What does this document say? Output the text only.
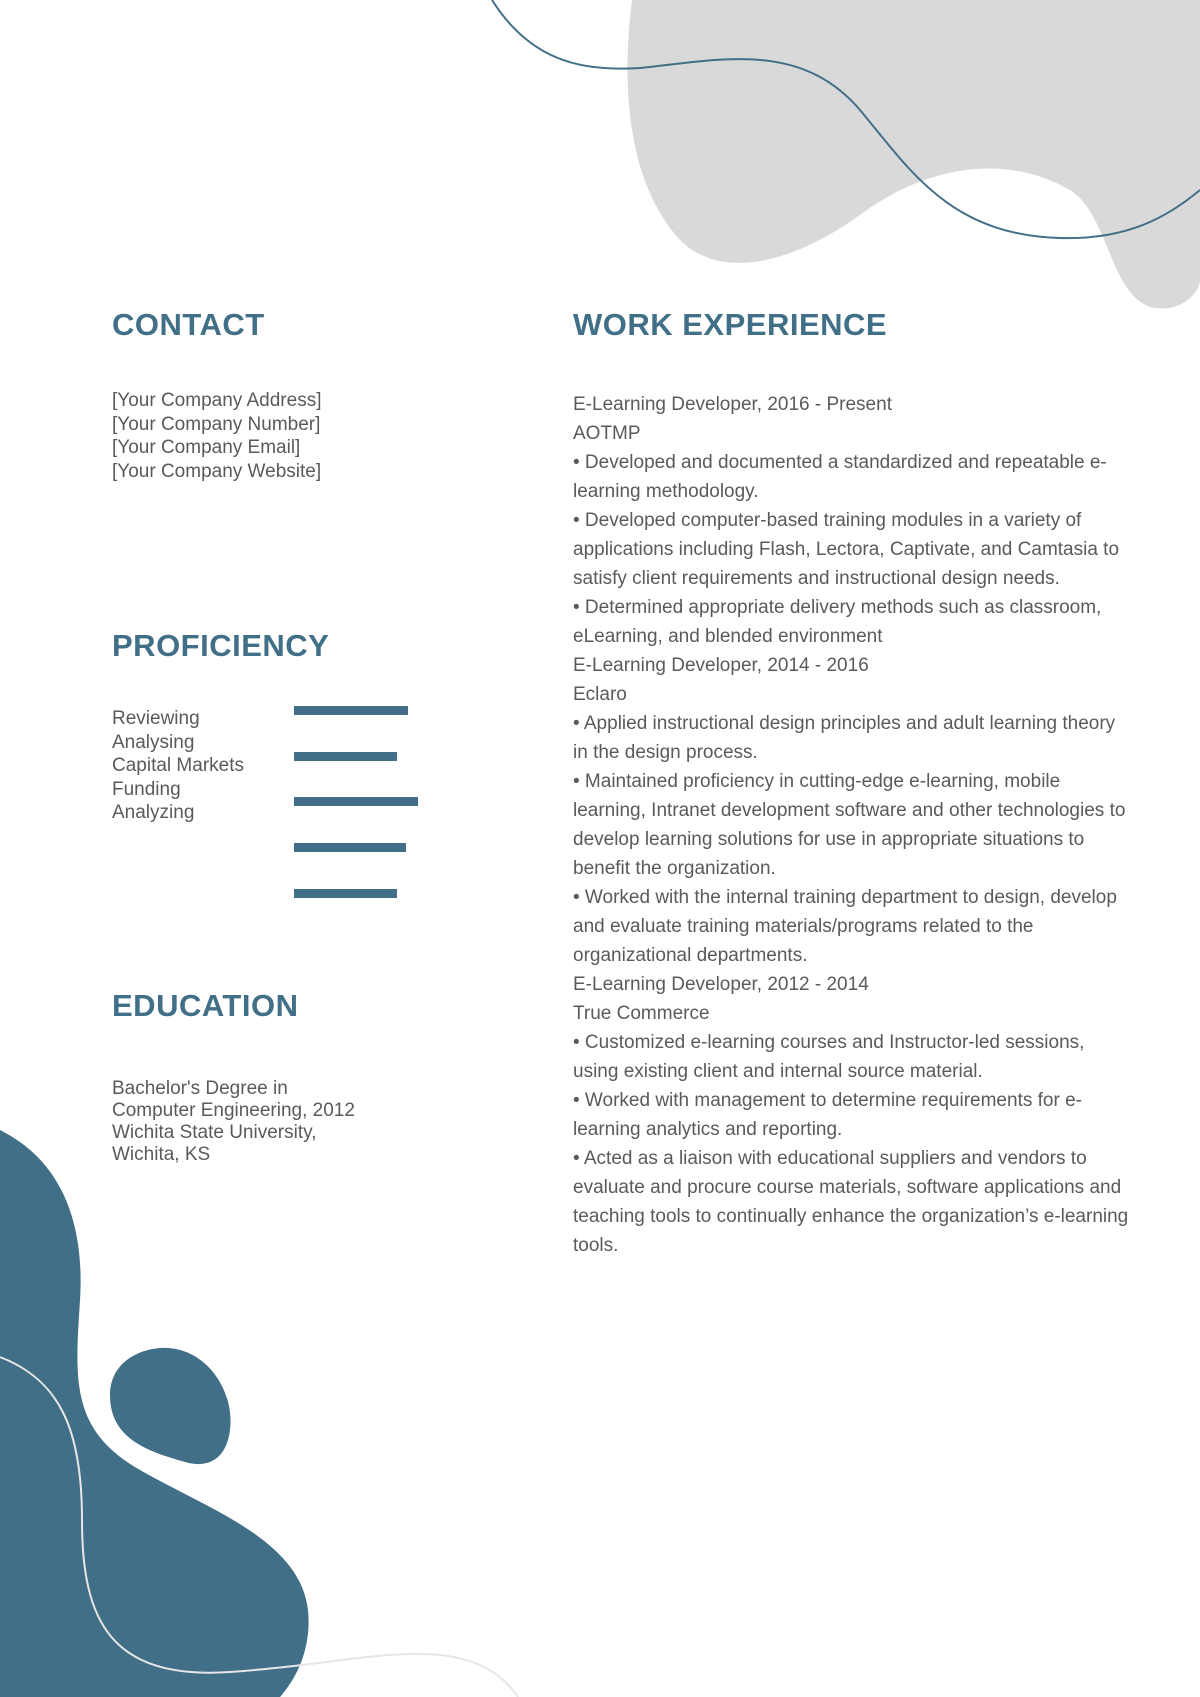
CONTACT
[Your Company Address]
[Your Company Number]
[Your Company Email]
[Your Company Website]
PROFICIENCY
Reviewing
Analysing
Capital Markets
Funding
Analyzing
EDUCATION
Bachelor's Degree in
Computer Engineering, 2012
Wichita State University,
Wichita, KS
WORK EXPERIENCE
E-Learning Developer, 2016 - Present
AOTMP
• Developed and documented a standardized and repeatable e-learning methodology.
• Developed computer-based training modules in a variety of applications including Flash, Lectora, Captivate, and Camtasia to satisfy client requirements and instructional design needs.
• Determined appropriate delivery methods such as classroom, eLearning, and blended environment
E-Learning Developer, 2014 - 2016
Eclaro
• Applied instructional design principles and adult learning theory in the design process.
• Maintained proficiency in cutting-edge e-learning, mobile learning, Intranet development software and other technologies to develop learning solutions for use in appropriate situations to benefit the organization.
• Worked with the internal training department to design, develop and evaluate training materials/programs related to the organizational departments.
E-Learning Developer, 2012 - 2014
True Commerce
• Customized e-learning courses and Instructor-led sessions, using existing client and internal source material.
• Worked with management to determine requirements for e-learning analytics and reporting.
• Acted as a liaison with educational suppliers and vendors to evaluate and procure course materials, software applications and teaching tools to continually enhance the organization’s e-learning tools.
